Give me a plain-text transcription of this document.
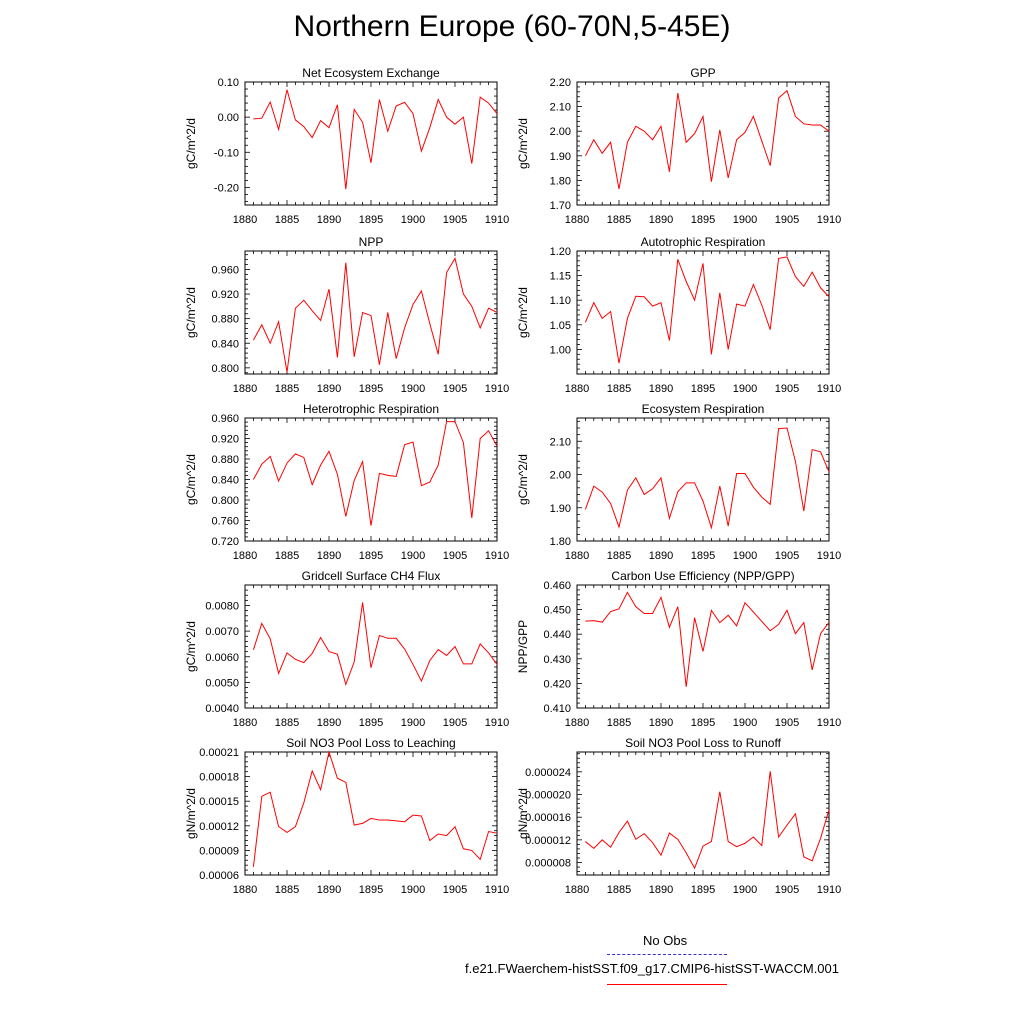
Northern Europe (60-70N,5-45E)
Net Ecosystem Exchange
1880 1885 1890 1895 1900 1905 1910
0.10
0.00
-0.10
-0.20
gC/m^2/d
GPP
1880 1885 1890 1895 1900 1905 1910
2.20
2.10
2.00
1.90
1.80
1.70
gC/m^2/d
NPP
1880 1885 1890 1895 1900 1905 1910
0.960
0.920
0.880
0.840
0.800
gC/m^2/d
Autotrophic Respiration
1880 1885 1890 1895 1900 1905 1910
1.20
1.15
1.10
1.05
1.00
gC/m^2/d
Heterotrophic Respiration
1880 1885 1890 1895 1900 1905 1910
0.960
0.920
0.880
0.840
0.800
0.760
0.720
gC/m^2/d
Ecosystem Respiration
1880 1885 1890 1895 1900 1905 1910
2.10
2.00
1.90
1.80
gC/m^2/d
Gridcell Surface CH4 Flux
1880 1885 1890 1895 1900 1905 1910
0.0080
0.0070
0.0060
0.0050
0.0040
gC/m^2/d
Carbon Use Efficiency (NPP/GPP)
1880 1885 1890 1895 1900 1905 1910
0.460
0.450
0.440
0.430
0.420
0.410
NPP/GPP
Soil NO3 Pool Loss to Leaching
1880 1885 1890 1895 1900 1905 1910
0.00021
0.00018
0.00015
0.00012
0.00009
0.00006
gN/m^2/d
Soil NO3 Pool Loss to Runoff
1880 1885 1890 1895 1900 1905 1910
0.000024
0.000020
0.000016
0.000012
0.000008
gN/m^2/d
No Obs
f.e21.FWaerchem-histSST.f09_g17.CMIP6-histSST-WACCM.001
